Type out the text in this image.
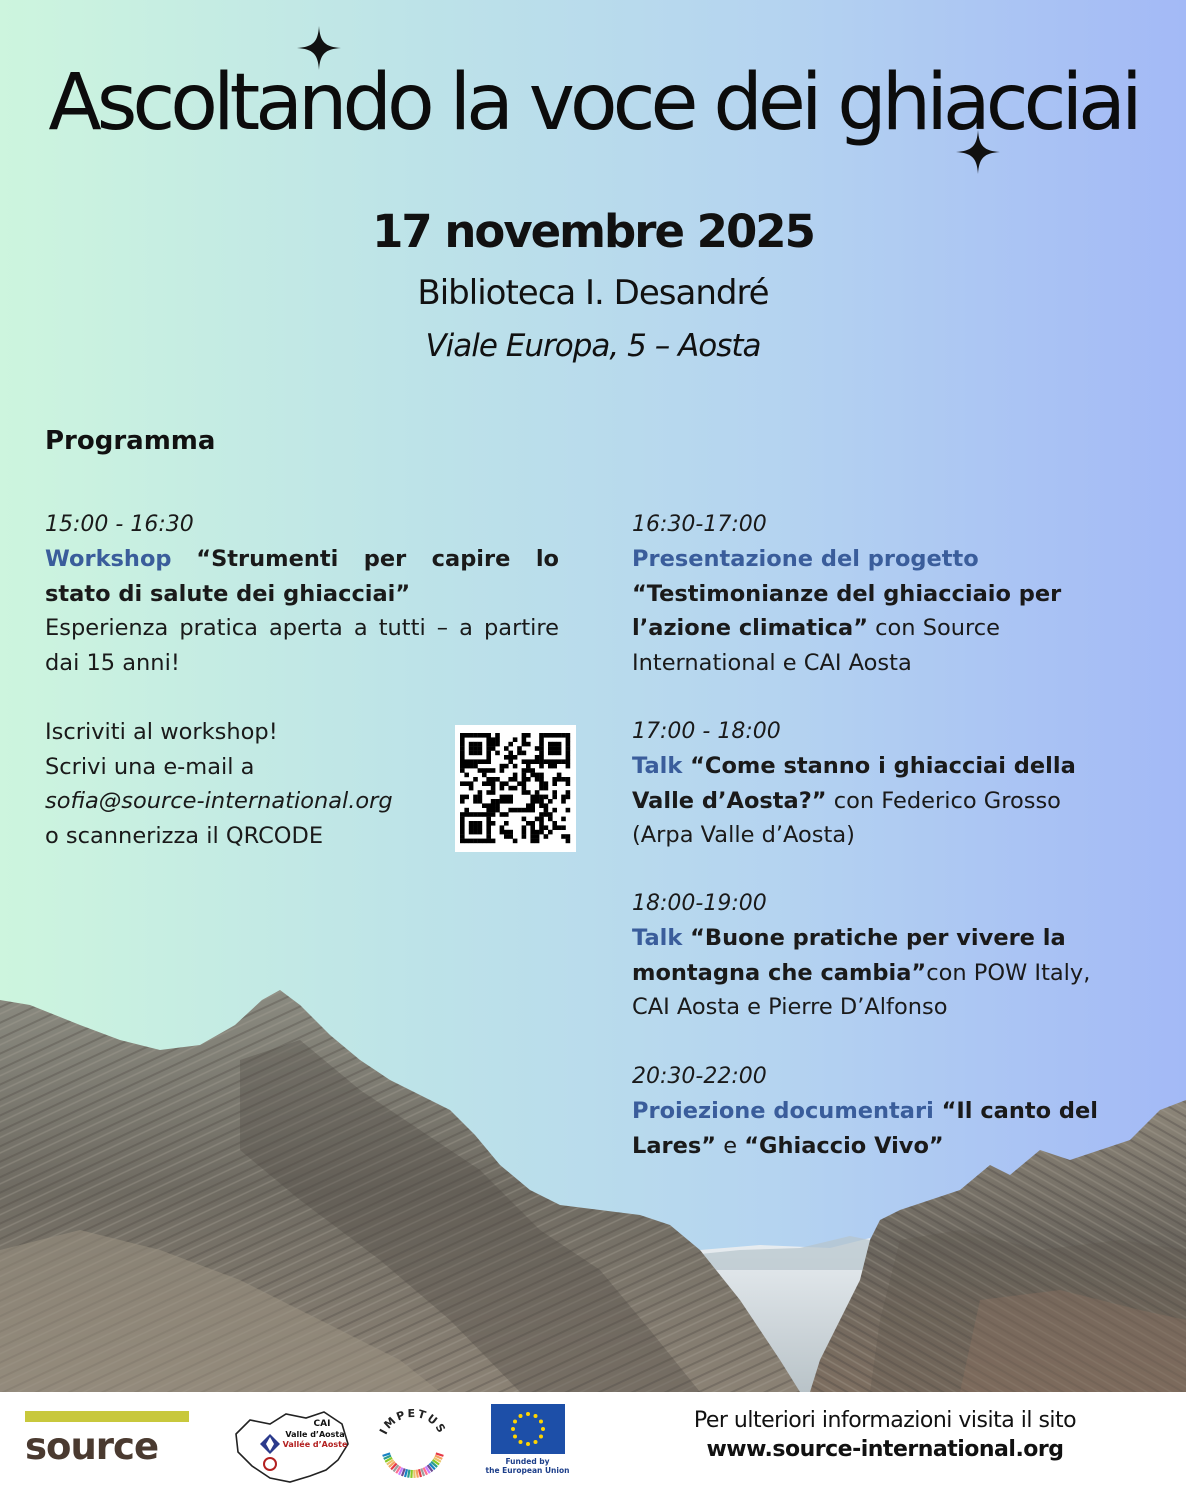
Ascoltando la voce dei ghiacciai
17 novembre 2025
Biblioteca I. Desandré
Viale Europa, 5 – Aosta
Programma
15:00 - 16:30
Workshop “Strumenti per capire lo stato di salute dei ghiacciai”
Esperienza pratica aperta a tutti – a partire dai 15 anni!
Iscriviti al workshop!
Scrivi una e-mail a
sofia@source-international.org
o scannerizza il QRCODE
16:30-17:00
Presentazione del progetto
“Testimonianze del ghiacciaio per l’azione climatica” con Source International e CAI Aosta
17:00 - 18:00
Talk “Come stanno i ghiacciai della Valle d’Aosta?” con Federico Grosso (Arpa Valle d’Aosta)
18:00-19:00
Talk “Buone pratiche per vivere la montagna che cambia”con POW Italy, CAI Aosta e Pierre D’Alfonso
20:30-22:00
Proiezione documentari “Il canto del Lares” e “Ghiaccio Vivo”
source
CAI
Valle d’Aosta
Vallée d’Aoste
IMPETUS
Funded by
the European Union
Per ulteriori informazioni visita il sito
www.source-international.org
